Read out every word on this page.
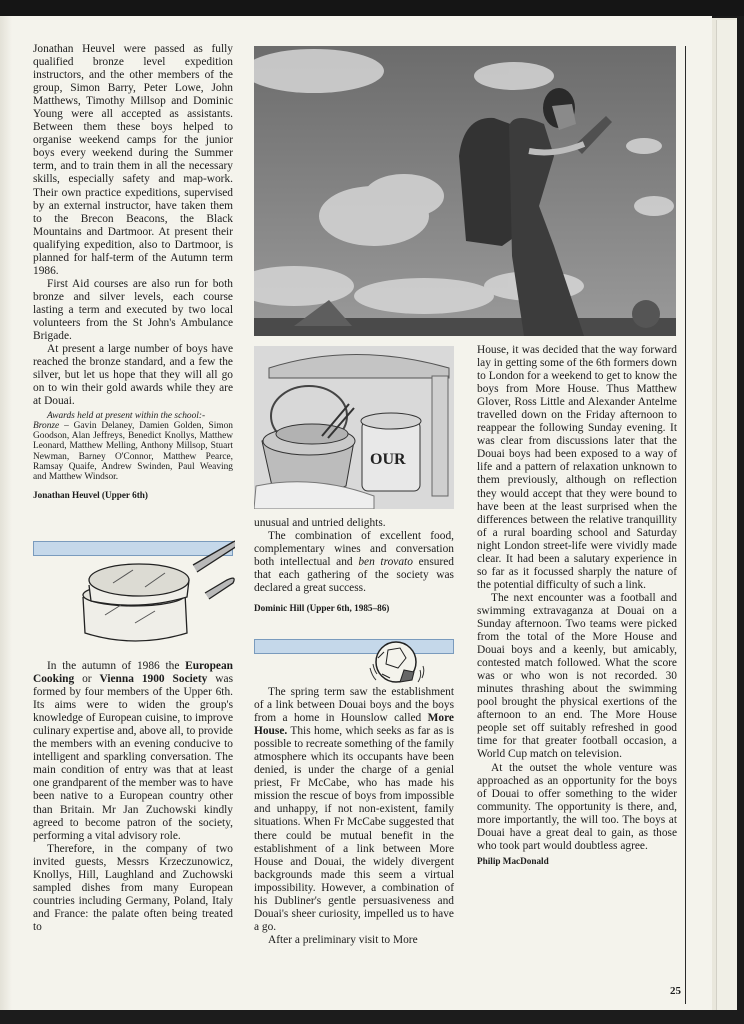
Jonathan Heuvel were passed as fully qualified bronze level expedition instructors, and the other members of the group, Simon Barry, Peter Lowe, John Matthews, Timothy Millsop and Dominic Young were all accepted as assistants. Between them these boys helped to organise weekend camps for the junior boys every weekend during the Summer term, and to train them in all the necessary skills, especially safety and map-work. Their own practice expeditions, supervised by an external instructor, have taken them to the Brecon Beacons, the Black Mountains and Dartmoor. At present their qualifying expedition, also to Dartmoor, is planned for half-term of the Autumn term 1986.

First Aid courses are also run for both bronze and silver levels, each course lasting a term and executed by two local volunteers from the St John's Ambulance Brigade.

At present a large number of boys have reached the bronze standard, and a few the silver, but let us hope that they will all go on to win their gold awards while they are at Douai.

Awards held at present within the school:-
Bronze – Gavin Delaney, Damien Golden, Simon Goodson, Alan Jeffreys, Benedict Knollys, Matthew Leonard, Matthew Melling, Anthony Millsop, Stuart Newman, Barney O'Connor, Matthew Pearce, Ramsay Quaife, Andrew Swinden, Paul Weaving and Matthew Windsor.

Jonathan Heuvel (Upper 6th)

In the autumn of 1986 the European Cooking or Vienna 1900 Society was formed by four members of the Upper 6th. Its aims were to widen the group's knowledge of European cuisine, to improve culinary expertise and, above all, to provide the members with an evening conducive to intelligent and sparkling conversation. The main condition of entry was that at least one grandparent of the member was to have been native to a European country other than Britain. Mr Jan Zuchowski kindly agreed to become patron of the society, performing a vital advisory role.

Therefore, in the company of two invited guests, Messrs Krzeczunowicz, Knollys, Hill, Laughland and Zuchowski sampled dishes from many European countries including Germany, Poland, Italy and France: the palate often being treated to

OUR

unusual and untried delights.

The combination of excellent food, complementary wines and conversation both intellectual and ben trovato ensured that each gathering of the society was declared a great success.

Dominic Hill (Upper 6th, 1985–86)

The spring term saw the establishment of a link between Douai boys and the boys from a home in Hounslow called More House. This home, which seeks as far as is possible to recreate something of the family atmosphere which its occupants have been denied, is under the charge of a genial priest, Fr McCabe, who has made his mission the rescue of boys from impossible and unhappy, if not non-existent, family situations. When Fr McCabe suggested that there could be mutual benefit in the establishment of a link between More House and Douai, the widely divergent backgrounds made this seem a virtual impossibility. However, a combination of his Dubliner's gentle persuasiveness and Douai's sheer curiosity, impelled us to have a go.

After a preliminary visit to More

House, it was decided that the way forward lay in getting some of the 6th formers down to London for a weekend to get to know the boys from More House. Thus Matthew Glover, Ross Little and Alexander Antelme travelled down on the Friday afternoon to reappear the following Sunday evening. It was clear from discussions later that the Douai boys had been exposed to a way of life and a pattern of relaxation unknown to them previously, although on reflection they would accept that they were bound to have been at the least surprised when the differences between the relative tranquillity of a rural boarding school and Saturday night London street-life were vividly made clear. It had been a salutary experience in so far as it focussed sharply the nature of the potential difficulty of such a link.

The next encounter was a football and swimming extravaganza at Douai on a Sunday afternoon. Two teams were picked from the total of the More House and Douai boys and a keenly, but amicably, contested match followed. What the score was or who won is not recorded. 30 minutes thrashing about the swimming pool brought the physical exertions of the afternoon to an end. The More House people set off suitably refreshed in good time for that greater football occasion, a World Cup match on television.

At the outset the whole venture was approached as an opportunity for the boys of Douai to offer something to the wider community. The opportunity is there, and, more importantly, the will too. The boys at Douai have a great deal to gain, as those who took part would doubtless agree.

Philip MacDonald

25
